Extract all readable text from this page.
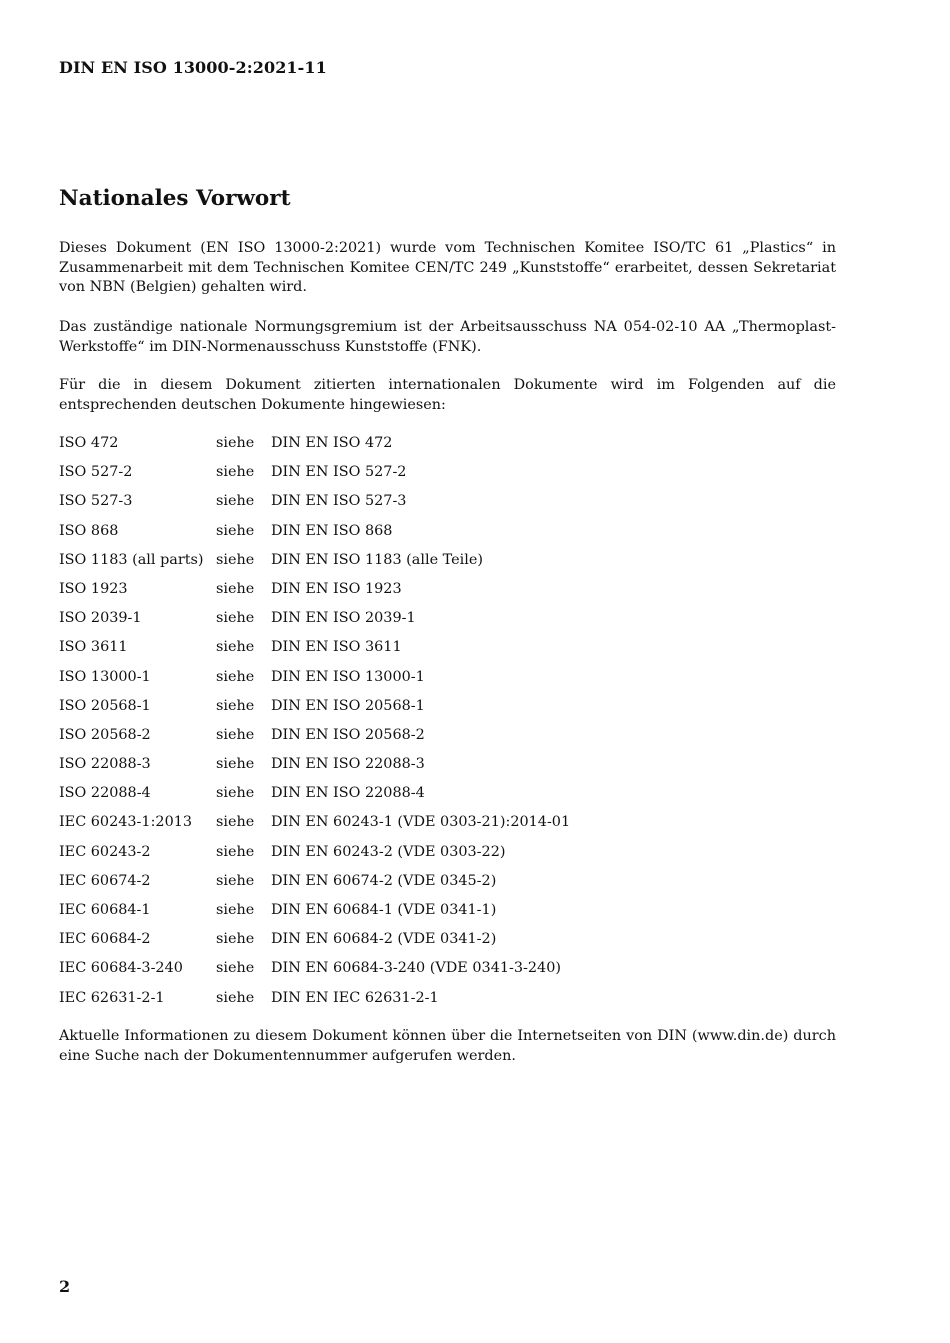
DIN EN ISO 13000-2:2021-11
Nationales Vorwort

Dieses Dokument (EN ISO 13000-2:2021) wurde vom Technischen Komitee ISO/TC 61 „Plastics“ in Zusammenarbeit mit dem Technischen Komitee CEN/TC 249 „Kunststoffe“ erarbeitet, dessen Sekretariat von NBN (Belgien) gehalten wird.

Das zuständige nationale Normungsgremium ist der Arbeitsausschuss NA 054-02-10 AA „Thermoplast-Werkstoffe“ im DIN-Normenausschuss Kunststoffe (FNK).

Für die in diesem Dokument zitierten internationalen Dokumente wird im Folgenden auf die entsprechenden deutschen Dokumente hingewiesen:

ISO 472	siehe DIN EN ISO 472
ISO 527-2	siehe DIN EN ISO 527-2
ISO 527-3	siehe DIN EN ISO 527-3
ISO 868	siehe DIN EN ISO 868
ISO 1183 (all parts) siehe DIN EN ISO 1183 (alle Teile)
ISO 1923	siehe DIN EN ISO 1923
ISO 2039-1	siehe DIN EN ISO 2039-1
ISO 3611	siehe DIN EN ISO 3611
ISO 13000-1	siehe DIN EN ISO 13000-1
ISO 20568-1	siehe DIN EN ISO 20568-1
ISO 20568-2	siehe DIN EN ISO 20568-2
ISO 22088-3	siehe DIN EN ISO 22088-3
ISO 22088-4	siehe DIN EN ISO 22088-4
IEC 60243-1:2013 siehe DIN EN 60243-1 (VDE 0303-21):2014-01
IEC 60243-2	siehe DIN EN 60243-2 (VDE 0303-22)
IEC 60674-2	siehe DIN EN 60674-2 (VDE 0345-2)
IEC 60684-1	siehe DIN EN 60684-1 (VDE 0341-1)
IEC 60684-2	siehe DIN EN 60684-2 (VDE 0341-2)
IEC 60684-3-240 siehe DIN EN 60684-3-240 (VDE 0341-3-240)
IEC 62631-2-1	siehe DIN EN IEC 62631-2-1

Aktuelle Informationen zu diesem Dokument können über die Internetseiten von DIN (www.din.de) durch eine Suche nach der Dokumentennummer aufgerufen werden.

2
